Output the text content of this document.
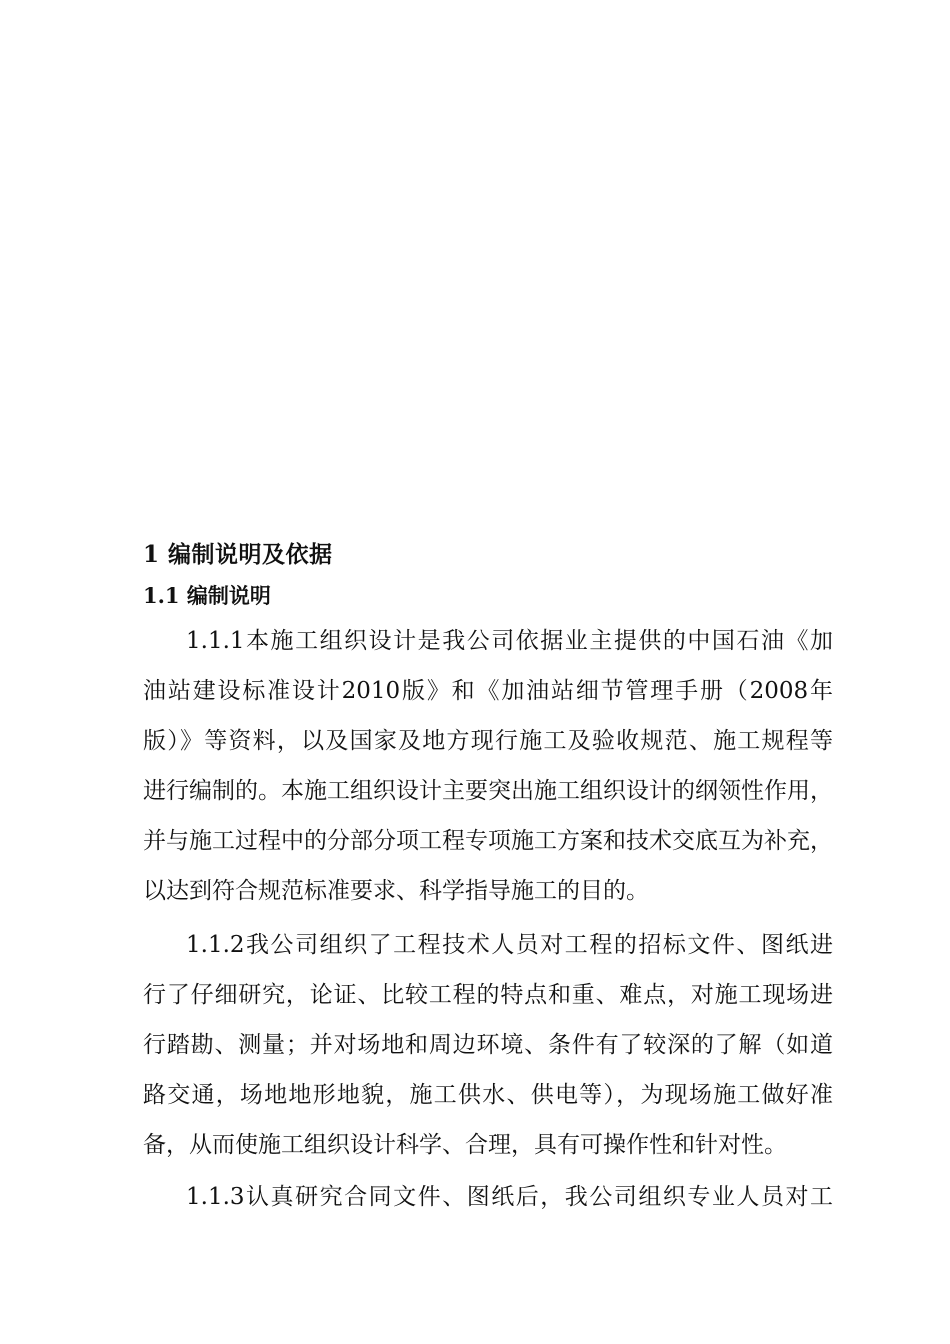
1 编制说明及依据
1.1 编制说明

1.1.1本施工组织设计是我公司依据业主提供的中国石油《加

油站建设标准设计2010版》和《加油站细节管理手册（2008年

版）》等资料，以及国家及地方现行施工及验收规范、施工规程等

进行编制的。本施工组织设计主要突出施工组织设计的纲领性作用，

并与施工过程中的分部分项工程专项施工方案和技术交底互为补充，

以达到符合规范标准要求、科学指导施工的目的。

1.1.2我公司组织了工程技术人员对工程的招标文件、图纸进

行了仔细研究，论证、比较工程的特点和重、难点，对施工现场进

行踏勘、测量；并对场地和周边环境、条件有了较深的了解（如道

路交通，场地地形地貌，施工供水、供电等），为现场施工做好准

备，从而使施工组织设计科学、合理，具有可操作性和针对性。

1.1.3认真研究合同文件、图纸后，我公司组织专业人员对工
